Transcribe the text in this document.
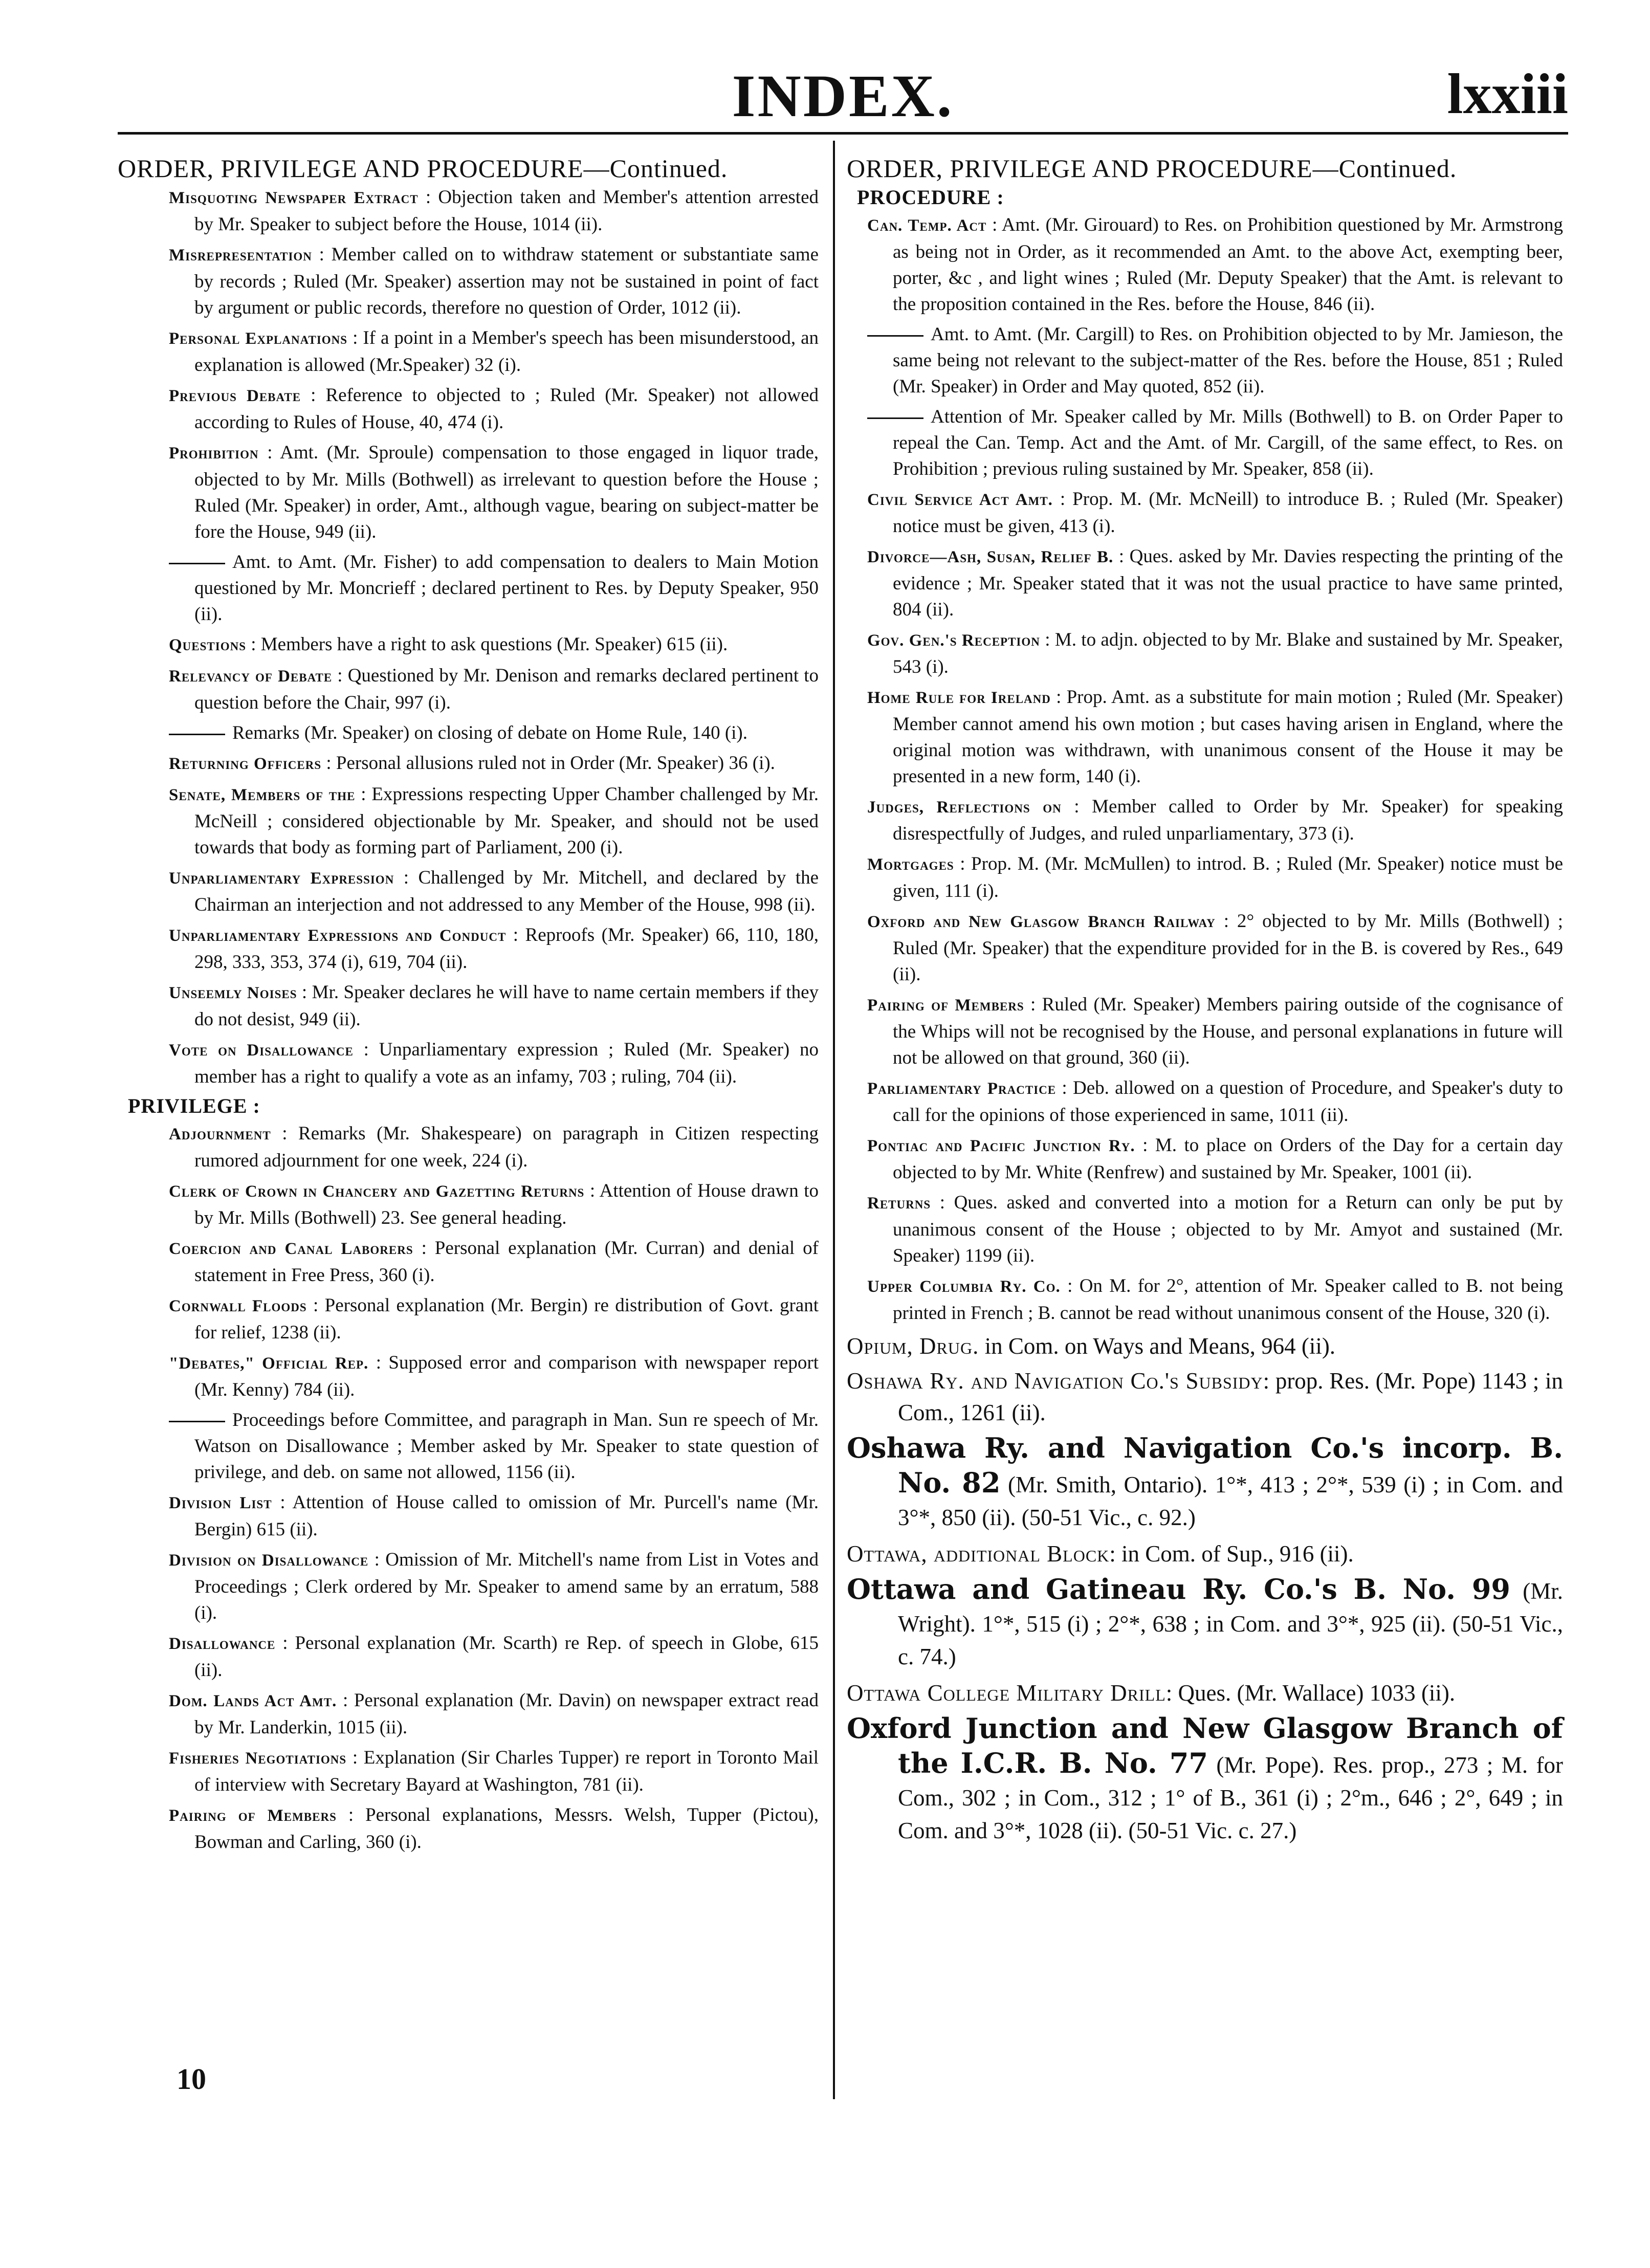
INDEX.	lxxiii
ORDER, PRIVILEGE AND PROCEDURE—Continued.

Misquoting Newspaper Extract : Objection taken and Member's attention arrested by Mr. Speaker to subject before the House, 1014 (ii).

Misrepresentation : Member called on to withdraw statement or substantiate same by records ; Ruled (Mr. Speaker) assertion may not be sustained in point of fact by argument or public records, therefore no question of Order, 1012 (ii).

Personal Explanations : If a point in a Member's speech has been misunderstood, an explanation is allowed (Mr.Speaker) 32 (i).

Previous Debate : Reference to objected to ; Ruled (Mr. Speaker) not allowed according to Rules of House, 40, 474 (i).

Prohibition : Amt. (Mr. Sproule) compensation to those engaged in liquor trade, objected to by Mr. Mills (Bothwell) as irrelevant to question before the House ; Ruled (Mr. Speaker) in order, Amt., although vague, bearing on subject-matter be fore the House, 949 (ii).

Amt. to Amt. (Mr. Fisher) to add compensation to dealers to Main Motion questioned by Mr. Moncrieff ; declared pertinent to Res. by Deputy Speaker, 950 (ii).

Questions : Members have a right to ask questions (Mr. Speaker) 615 (ii).

Relevancy of Debate : Questioned by Mr. Denison and remarks declared pertinent to question before the Chair, 997 (i).

Remarks (Mr. Speaker) on closing of debate on Home Rule, 140 (i).

Returning Officers : Personal allusions ruled not in Order (Mr. Speaker) 36 (i).

Senate, Members of the : Expressions respecting Upper Chamber challenged by Mr. McNeill ; considered objectionable by Mr. Speaker, and should not be used towards that body as forming part of Parliament, 200 (i).

Unparliamentary Expression : Challenged by Mr. Mitchell, and declared by the Chairman an interjection and not addressed to any Member of the House, 998 (ii).

Unparliamentary Expressions and Conduct : Reproofs (Mr. Speaker) 66, 110, 180, 298, 333, 353, 374 (i), 619, 704 (ii).

Unseemly Noises : Mr. Speaker declares he will have to name certain members if they do not desist, 949 (ii).

Vote on Disallowance : Unparliamentary expression ; Ruled (Mr. Speaker) no member has a right to qualify a vote as an infamy, 703 ; ruling, 704 (ii).

PRIVILEGE :

Adjournment : Remarks (Mr. Shakespeare) on paragraph in Citizen respecting rumored adjournment for one week, 224 (i).

Clerk of Crown in Chancery and Gazetting Returns : Attention of House drawn to by Mr. Mills (Bothwell) 23. See general heading.

Coercion and Canal Laborers : Personal explanation (Mr. Curran) and denial of statement in Free Press, 360 (i).

Cornwall Floods : Personal explanation (Mr. Bergin) re distribution of Govt. grant for relief, 1238 (ii).

"Debates," Official Rep. : Supposed error and comparison with newspaper report (Mr. Kenny) 784 (ii).

Proceedings before Committee, and paragraph in Man. Sun re speech of Mr. Watson on Disallowance ; Member asked by Mr. Speaker to state question of privilege, and deb. on same not allowed, 1156 (ii).

Division List : Attention of House called to omission of Mr. Purcell's name (Mr. Bergin) 615 (ii).

Division on Disallowance : Omission of Mr. Mitchell's name from List in Votes and Proceedings ; Clerk ordered by Mr. Speaker to amend same by an erratum, 588 (i).

Disallowance : Personal explanation (Mr. Scarth) re Rep. of speech in Globe, 615 (ii).

Dom. Lands Act Amt. : Personal explanation (Mr. Davin) on newspaper extract read by Mr. Landerkin, 1015 (ii).

Fisheries Negotiations : Explanation (Sir Charles Tupper) re report in Toronto Mail of interview with Secretary Bayard at Washington, 781 (ii).

Pairing of Members : Personal explanations, Messrs. Welsh, Tupper (Pictou), Bowman and Carling, 360 (i).

ORDER, PRIVILEGE AND PROCEDURE—Continued.
PROCEDURE :

Can. Temp. Act : Amt. (Mr. Girouard) to Res. on Prohibition questioned by Mr. Armstrong as being not in Order, as it recommended an Amt. to the above Act, exempting beer, porter, &c , and light wines ; Ruled (Mr. Deputy Speaker) that the Amt. is relevant to the proposition contained in the Res. before the House, 846 (ii).

Amt. to Amt. (Mr. Cargill) to Res. on Prohibition objected to by Mr. Jamieson, the same being not relevant to the subject-matter of the Res. before the House, 851 ; Ruled (Mr. Speaker) in Order and May quoted, 852 (ii).

Attention of Mr. Speaker called by Mr. Mills (Bothwell) to B. on Order Paper to repeal the Can. Temp. Act and the Amt. of Mr. Cargill, of the same effect, to Res. on Prohibition ; previous ruling sustained by Mr. Speaker, 858 (ii).

Civil Service Act Amt. : Prop. M. (Mr. McNeill) to introduce B. ; Ruled (Mr. Speaker) notice must be given, 413 (i).

Divorce—Ash, Susan, Relief B. : Ques. asked by Mr. Davies respecting the printing of the evidence ; Mr. Speaker stated that it was not the usual practice to have same printed, 804 (ii).

Gov. Gen.'s Reception : M. to adjn. objected to by Mr. Blake and sustained by Mr. Speaker, 543 (i).

Home Rule for Ireland : Prop. Amt. as a substitute for main motion ; Ruled (Mr. Speaker) Member cannot amend his own motion ; but cases having arisen in England, where the original motion was withdrawn, with unanimous consent of the House it may be presented in a new form, 140 (i).

Judges, Reflections on : Member called to Order by Mr. Speaker) for speaking disrespectfully of Judges, and ruled unparliamentary, 373 (i).

Mortgages : Prop. M. (Mr. McMullen) to introd. B. ; Ruled (Mr. Speaker) notice must be given, 111 (i).

Oxford and New Glasgow Branch Railway : 2° objected to by Mr. Mills (Bothwell) ; Ruled (Mr. Speaker) that the expenditure provided for in the B. is covered by Res., 649 (ii).

Pairing of Members : Ruled (Mr. Speaker) Members pairing outside of the cognisance of the Whips will not be recognised by the House, and personal explanations in future will not be allowed on that ground, 360 (ii).

Parliamentary Practice : Deb. allowed on a question of Procedure, and Speaker's duty to call for the opinions of those experienced in same, 1011 (ii).

Pontiac and Pacific Junction Ry. : M. to place on Orders of the Day for a certain day objected to by Mr. White (Renfrew) and sustained by Mr. Speaker, 1001 (ii).

Returns : Ques. asked and converted into a motion for a Return can only be put by unanimous consent of the House ; objected to by Mr. Amyot and sustained (Mr. Speaker) 1199 (ii).

Upper Columbia Ry. Co. : On M. for 2°, attention of Mr. Speaker called to B. not being printed in French ; B. cannot be read without unanimous consent of the House, 320 (i).

Opium, Drug. in Com. on Ways and Means, 964 (ii).

Oshawa Ry. and Navigation Co.'s Subsidy: prop. Res. (Mr. Pope) 1143 ; in Com., 1261 (ii).

Oshawa Ry. and Navigation Co.'s incorp. B. No. 82 (Mr. Smith, Ontario). 1°*, 413 ; 2°*, 539 (i) ; in Com. and 3°*, 850 (ii). (50-51 Vic., c. 92.)

Ottawa, additional Block: in Com. of Sup., 916 (ii).

Ottawa and Gatineau Ry. Co.'s B. No. 99 (Mr. Wright). 1°*, 515 (i) ; 2°*, 638 ; in Com. and 3°*, 925 (ii). (50-51 Vic., c. 74.)

Ottawa College Military Drill: Ques. (Mr. Wallace) 1033 (ii).

Oxford Junction and New Glasgow Branch of the I.C.R. B. No. 77 (Mr. Pope). Res. prop., 273 ; M. for Com., 302 ; in Com., 312 ; 1° of B., 361 (i) ; 2°m., 646 ; 2°, 649 ; in Com. and 3°*, 1028 (ii). (50-51 Vic. c. 27.)

10
